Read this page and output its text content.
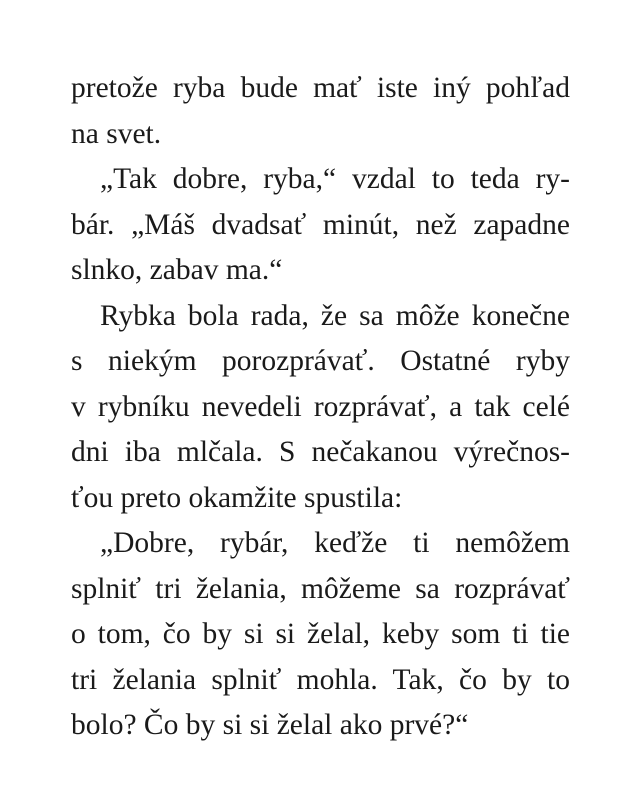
pretože ryba bude mať iste iný pohľad
na svet.
„Tak dobre, ryba,“ vzdal to teda ry-
bár. „Máš dvadsať minút, než zapadne
slnko, zabav ma.“
Rybka bola rada, že sa môže konečne
s niekým porozprávať. Ostatné ryby
v rybníku nevedeli rozprávať, a tak celé
dni iba mlčala. S nečakanou výrečnos-
ťou preto okamžite spustila:
„Dobre, rybár, keďže ti nemôžem
splniť tri želania, môžeme sa rozprávať
o tom, čo by si si želal, keby som ti tie
tri želania splniť mohla. Tak, čo by to
bolo? Čo by si si želal ako prvé?“
